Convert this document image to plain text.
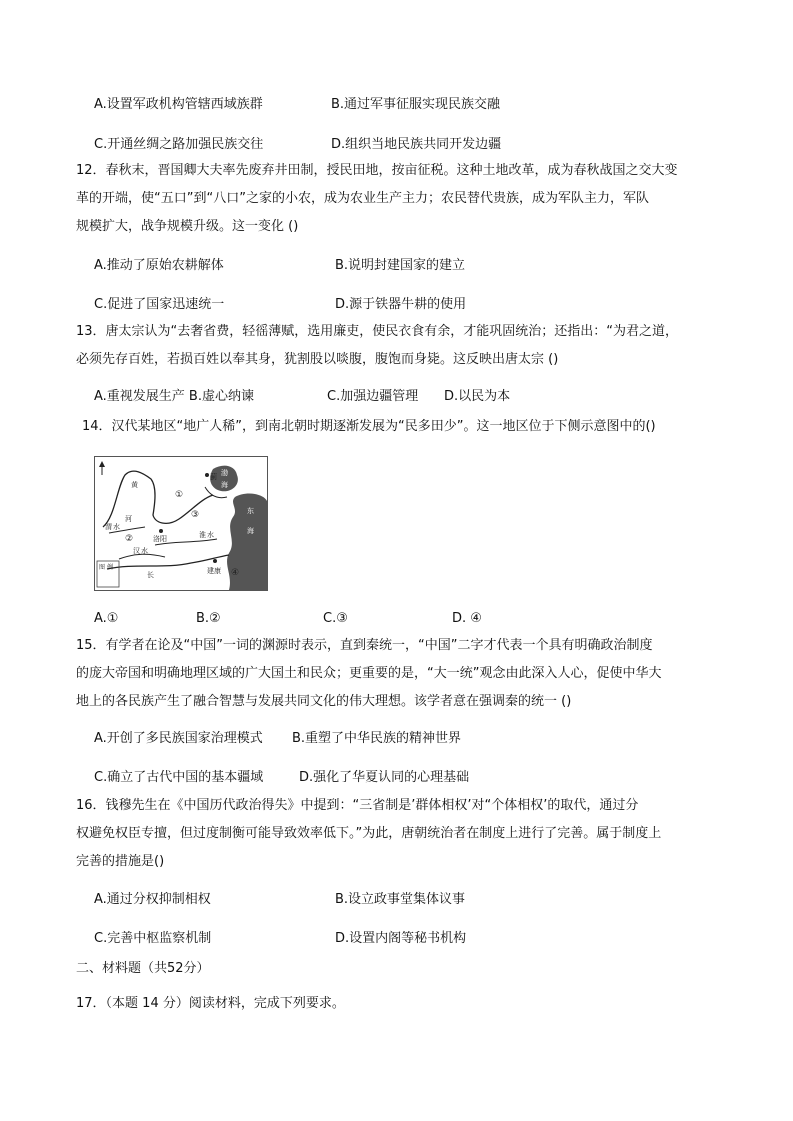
A.设置军政机构管辖西域族群	B.通过军事征服实现民族交融
C.开通丝绸之路加强民族交往	D.组织当地民族共同开发边疆
12．春秋末，晋国卿大夫率先废弃井田制，授民田地，按亩征税。这种土地改革，成为春秋战国之交大变
革的开端，使“五口”到“八口”之家的小农，成为农业生产主力；农民替代贵族，成为军队主力，军队
规模扩大，战争规模升级。这一变化 ()
A.推动了原始农耕解体	B.说明封建国家的建立
C.促进了国家迅速统一	D.源于铁器牛耕的使用
13．唐太宗认为“去奢省费，轻徭薄赋，选用廉吏，使民衣食有余，才能巩固统治；还指出：“为君之道，
必须先存百姓，若损百姓以奉其身，犹割股以啖腹，腹饱而身毙。这反映出唐太宗 ()
A.重视发展生产 B.虚心纳谏	C.加强边疆管理 D.以民为本
14．汉代某地区“地广人稀”，到南北朝时期逐渐发展为“民多田少”。这一地区位于下侧示意图中的()
黄
河
①
②
③
④
蓟 渤
海
东
海
渭 水
洛阳	淮 水
汉 水
长	建康
图 例
A.①	B.②	C.③	D. ④
15．有学者在论及“中国”一词的渊源时表示，直到秦统一，“中国”二字才代表一个具有明确政治制度
的庞大帝国和明确地理区域的广大国土和民众；更重要的是，“大一统”观念由此深入人心，促使中华大
地上的各民族产生了融合智慧与发展共同文化的伟大理想。该学者意在强调秦的统一 ()
A.开创了多民族国家治理模式 B.重塑了中华民族的精神世界
C.确立了古代中国的基本疆域	D.强化了华夏认同的心理基础
16．钱穆先生在《中国历代政治得失》中提到：“三省制是’群体相权’对“个体相权’的取代，通过分
权避免权臣专擅，但过度制衡可能导致效率低下。”为此，唐朝统治者在制度上进行了完善。属于制度上
完善的措施是()
A.通过分权抑制相权	B.设立政事堂集体议事
C.完善中枢监察机制	D.设置内阁等秘书机构
二、材料题（共52分）
17．（本题 14 分）阅读材料，完成下列要求。
